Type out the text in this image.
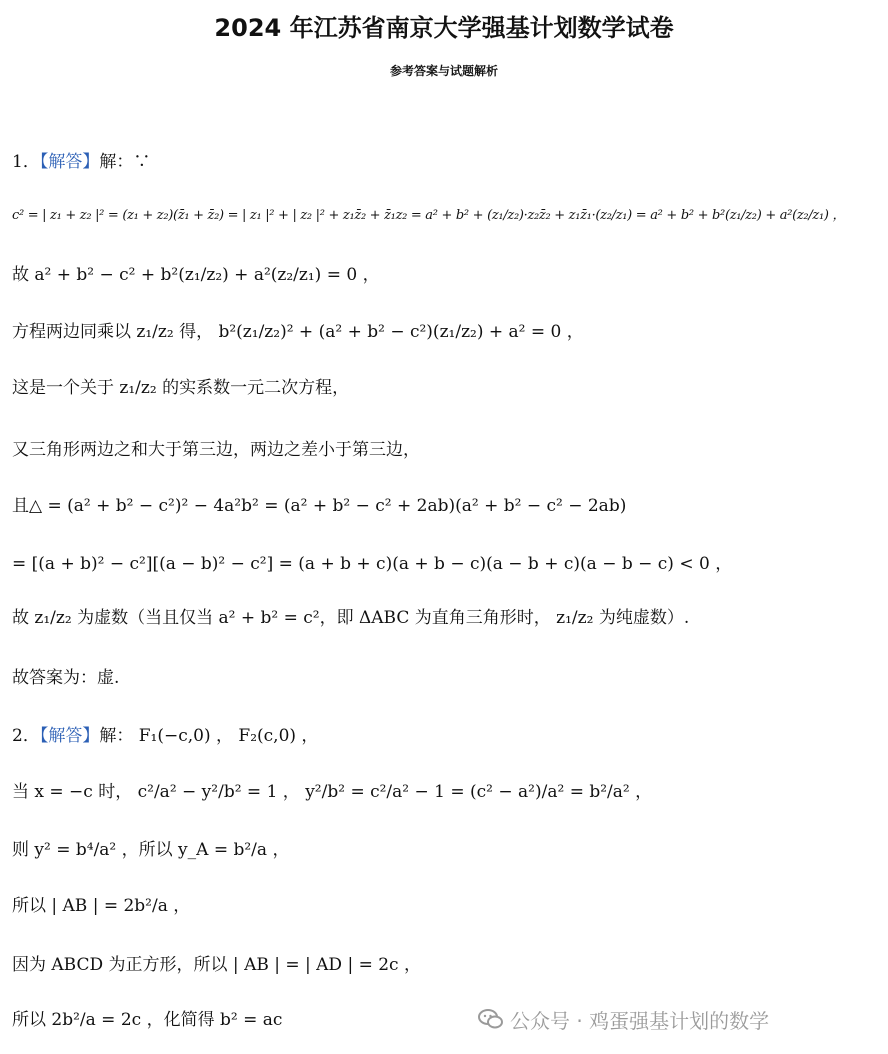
2024 年江苏省南京大学强基计划数学试卷
参考答案与试题解析
1．【解答】解：∵
c² = | z₁ + z₂ |² = (z₁ + z₂)(z̄₁ + z̄₂) = | z₁ |² + | z₂ |² + z₁z̄₂ + z̄₁z₂ = a² + b² + (z₁/z₂)·z₂z̄₂ + z₁z̄₁·(z₂/z₁) = a² + b² + b²(z₁/z₂) + a²(z₂/z₁) ，
故 a² + b² − c² + b²(z₁/z₂) + a²(z₂/z₁) = 0 ，
方程两边同乘以 z₁/z₂ 得， b²(z₁/z₂)² + (a² + b² − c²)(z₁/z₂) + a² = 0 ，
这是一个关于 z₁/z₂ 的实系数一元二次方程，
又三角形两边之和大于第三边，两边之差小于第三边，
且△ = (a² + b² − c²)² − 4a²b² = (a² + b² − c² + 2ab)(a² + b² − c² − 2ab)
= [(a + b)² − c²][(a − b)² − c²] = (a + b + c)(a + b − c)(a − b + c)(a − b − c) < 0 ，
故 z₁/z₂ 为虚数（当且仅当 a² + b² = c²，即 ΔABC 为直角三角形时， z₁/z₂ 为纯虚数）.
故答案为：虚.
2．【解答】解： F₁(−c,0) ， F₂(c,0) ，
当 x = −c 时， c²/a² − y²/b² = 1 ， y²/b² = c²/a² − 1 = (c² − a²)/a² = b²/a² ，
则 y² = b⁴/a² ，所以 y_A = b²/a ，
所以 | AB | = 2b²/a ，
因为 ABCD 为正方形，所以 | AB | = | AD | = 2c ，
所以 2b²/a = 2c ，化简得 b² = ac	公众号 · 鸡蛋强基计划的数学
